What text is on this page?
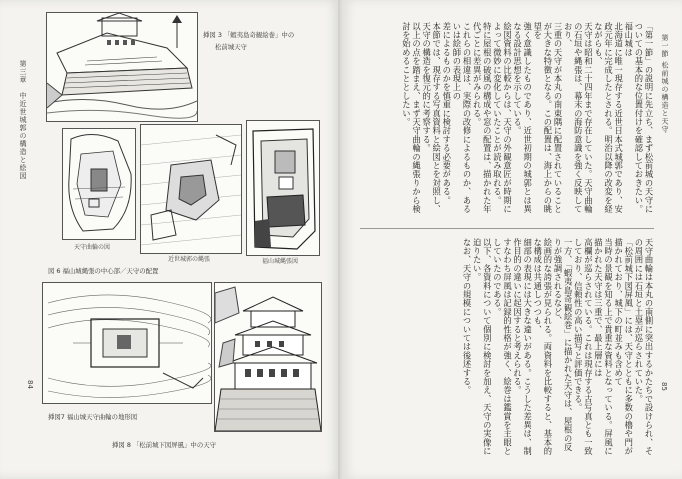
第三章　中近世城郭の構造と絵図
挿図 3 「蝦夷島奇観絵巻」中の
松前城天守
天守曲輪の図
近世城郭の縄張	福山城縄張図
図 6 福山城縄張の中心部／天守の配置
挿図7 福山城天守曲輪の地形図
挿図 8 「松前城下図屏風」中の天守
84

「第一節」の説明に先立ち、まず松前城の天守についての基本的な位置付けを確認しておきたい。福山城は

北海道に唯一現存する近世日本式城郭であり、安政元年に完成したとされる。明治以降の改変を経ながらも、

天守は昭和二十四年まで存在していた。天守曲輪の石垣や縄張は、幕末の海防意識を強く反映しており、

三重の天守が本丸の南東隅に配置されていることが大きな特徴となる。この配置は、海上からの眺望を

強く意識したものであり、近世初期の城郭とは異なる設計思想を示している。

絵図資料の比較からは、天守の外観意匠が時期によって微妙に変化していたことが読み取れる。

特に屋根の破風の構成や窓の配置は、描かれた年代ごとに差異がみられる。

これらの相違は、実際の改修によるものか、あるいは絵師の表現上の

差によるものかを慎重に検討する必要がある。

本節では、現存する写真資料と絵図とを対照し、天守の構造を復元的に考察する。

以上の点を踏まえ、まず天守曲輪の縄張りから検討を始めることとしたい。

天守曲輪は本丸の南側に突出するかたちで設けられ、その周囲には石垣と土塁が巡らされていた。

「松前城下図屏風」には、天守とともに多数の櫓や門が描かれており、城下の町並みも含めて

当時の景観を知る上で貴重な資料となっている。屏風に描かれた天守は三重で、最上層には

高欄が巡らされている。これは現存する古写真とも一致しており、信頼性の高い描写と評価できる。

一方、「蝦夷島奇観絵巻」に描かれた天守は、屋根の反りが強調されるなど、

絵画的な誇張が見られる。両資料を比較すると、基本的な構成は共通しつつも、

細部の表現には大きな違いがある。こうした差異は、制作目的の違いに起因すると考えられる。

すなわち屏風は記録的性格が強く、絵巻は鑑賞を主眼としていたのである。

以下、各資料について個別に検討を加え、天守の実像に迫りたい。

なお、天守の規模については後述する。

第一節 松前城の構造と天守
85
